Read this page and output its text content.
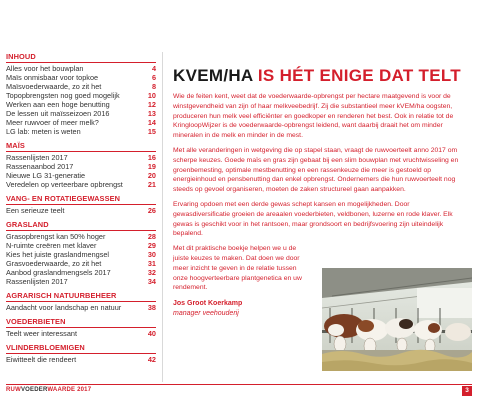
INHOUD
Alles voor het bouwplan	4
Maïs onmisbaar voor topkoe	6
Maïsvoederwaarde, zo zit het	8
Topopbrengsten nog goed mogelijk	10
Werken aan een hoge benutting	12
De lessen uit maïsseizoen 2016	13
Meer ruwvoer of meer melk?	14
LG lab: meten is weten	15
MAÏS
Rassenlijsten 2017	16
Rassenaanbod 2017	19
Nieuwe LG 31-generatie	20
Veredelen op verteerbare opbrengst	21
VANG- EN ROTATIEGEWASSEN
Een serieuze teelt	26
GRASLAND
Grasopbrengst kan 50% hoger	28
N-ruimte creëren met klaver	29
Kies het juiste graslandmengsel	30
Grasvoederwaarde, zo zit het	31
Aanbod graslandmengsels 2017	32
Rassenlijsten 2017	34
AGRARISCH NATUURBEHEER
Aandacht voor landschap en natuur	38
VOEDERBIETEN
Teelt weer interessant	40
VLINDERBLOEMIGEN
Eiwitteelt die rendeert	42
KVEM/HA IS HÉT ENIGE DAT TELT

Wie de feiten kent, weet dat de voederwaarde-opbrengst per hectare maatgevend is voor de winstgevendheid van zijn of haar melkveebedrijf. Zij die substantieel meer kVEM/ha oogsten, produceren hun melk veel efficiënter en goedkoper en renderen het best. Ook in relatie tot de KringloopWijzer is de voederwaarde-opbrengst leidend, want daarbij draait het om minder mineralen in de melk en minder in de mest.

Met alle veranderingen in wetgeving die op stapel staan, vraagt de ruwvoerteelt anno 2017 om scherpe keuzes. Goede maïs en gras zijn gebaat bij een slim bouwplan met vruchtwisseling en groenbemesting, optimale mestbenutting en een rassenkeuze die meer is gestoeld op energieinhoud en pensbenutting dan enkel opbrengst. Ondernemers die hun ruwvoerteelt nog steeds op gevoel organiseren, moeten de zaken structureel gaan aanpakken.

Ervaring opdoen met een derde gewas schept kansen en mogelijkheden. Door gewasdiversificatie groeien de areaalen voederbieten, veldbonen, luzerne en rode klaver. Elk gewas is geschikt voor in het rantsoen, maar grondsoort en bedrijfsvoering zijn uiteindelijk bepalend.

Met dit praktische boekje helpen we u de juiste keuzes te maken. Dat doen we door meer inzicht te geven in de relatie tussen onze hoogverteerbare plantgenetica en uw rendement.

Jos Groot Koerkamp
manager veehouderij
RUWVOEDERWAARDE 2017	3
